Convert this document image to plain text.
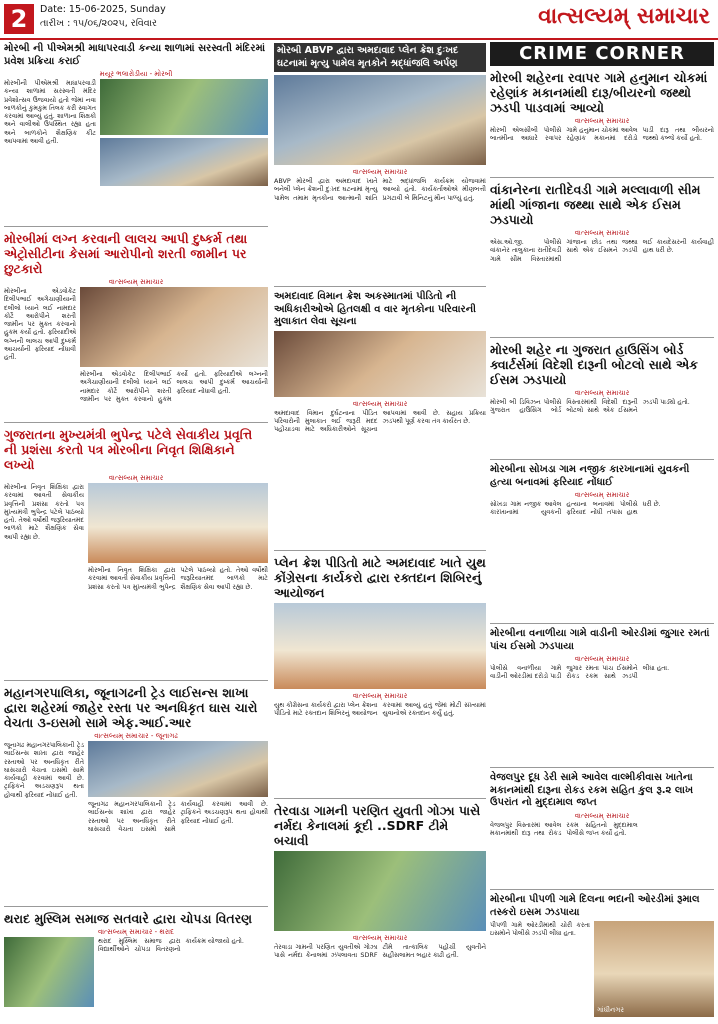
2	Date: 15-06-2025, Sunday
તારીખ : ૧૫/૦૬/૨૦૨૫, રવિવાર	વાત્સલ્યમ્ સમાચાર
મોરબી ની પીએમશ્રી માધાપરવાડી કન્યા શાળામાં સરસ્વતી મંદિરમાં પ્રવેશ પ્રક્રિયા કરાઈ
મયૂર ભલારોડીયા - મોરબી
મોરબીની પીએમશ્રી માધાપરવાડી કન્યા શાળામાં સરસ્વતી મંદિર પ્રવેશોત્સવ ઉજવાયો હતો જેમાં નવા બાળકોનું કુમકુમ તિલક કરી સ્વાગત કરવામાં આવ્યું હતું. શાળાના શિક્ષકો અને વાલીઓ ઉપસ્થિત રહ્યા હતા અને બાળકોને શૈક્ષણિક કીટ આપવામાં આવી હતી.
મોરબીમાં લગ્ન કરવાની લાલચ આપી દુષ્કર્મ તથા એટ્રોસીટીના કેસમાં આરોપીનો શરતી જામીન પર છુટકારો
વાત્સલ્યમ્ સમાચાર
મોરબીના એડવોકેટ દિલીપભાઈ અગેચાણીયાની દલીલો ધ્યાને લઈ નામદાર કોર્ટે આરોપીને શરતી જામીન પર મુક્ત કરવાનો હુકમ કર્યો હતો. ફરિયાદીએ લગ્નની લાલચ આપી દુષ્કર્મ આચર્યાની ફરિયાદ નોંધાવી હતી.
મોરબીના એડવોકેટ દિલીપભાઈ અગેચાણીયાની દલીલો ધ્યાને લઈ નામદાર કોર્ટે આરોપીને શરતી જામીન પર મુક્ત કરવાનો હુકમ કર્યો હતો. ફરિયાદીએ લગ્નની લાલચ આપી દુષ્કર્મ આચર્યાની ફરિયાદ નોંધાવી હતી.
ગુજરાતના મુખ્યમંત્રી ભુપેન્દ્ર પટેલે સેવાકીય પ્રવૃત્તિ ની પ્રશંસા કરતો પત્ર મોરબીના નિવૃત શિક્ષિકાને લખ્યો
વાત્સલ્યમ્ સમાચાર
મોરબીના નિવૃત શિક્ષિકા દ્વારા કરવામાં આવતી સેવાકીય પ્રવૃત્તિની પ્રશંસા કરતો પત્ર મુખ્યમંત્રી ભુપેન્દ્ર પટેલે પાઠવ્યો હતો. તેઓ વર્ષોથી જરૂરિયાતમંદ બાળકો માટે શૈક્ષણિક સેવા આપી રહ્યા છે.
મોરબીના નિવૃત શિક્ષિકા દ્વારા કરવામાં આવતી સેવાકીય પ્રવૃત્તિની પ્રશંસા કરતો પત્ર મુખ્યમંત્રી ભુપેન્દ્ર પટેલે પાઠવ્યો હતો. તેઓ વર્ષોથી જરૂરિયાતમંદ બાળકો માટે શૈક્ષણિક સેવા આપી રહ્યા છે.
મહાનગરપાલિકા, જૂનાગઢની ટ્રેડ લાઈસન્સ શાખા દ્વારા શહેરમાં જાહેર રસ્તા પર અનધિકૃત ઘાસ ચારો વેચતા ૩-ઇસમો સામે એફ.આઈ.આર
વાત્સલ્યમ્ સમાચાર - જૂનાગઢ
જૂનાગઢ મહાનગરપાલિકાની ટ્રેડ લાઈસન્સ શાખા દ્વારા જાહેર રસ્તાઓ પર અનધિકૃત રીતે ઘાસચારો વેચતા ઇસમો સામે કાર્યવાહી કરવામાં આવી છે. ટ્રાફિકને અડચણરૂપ થતા હોવાથી ફરિયાદ નોંધાઈ હતી.
જૂનાગઢ મહાનગરપાલિકાની ટ્રેડ લાઈસન્સ શાખા દ્વારા જાહેર રસ્તાઓ પર અનધિકૃત રીતે ઘાસચારો વેચતા ઇસમો સામે કાર્યવાહી કરવામાં આવી છે. ટ્રાફિકને અડચણરૂપ થતા હોવાથી ફરિયાદ નોંધાઈ હતી.
થરાદ મુસ્લિમ સમાજ સતવારે દ્વારા ચોપડા વિતરણ
વાત્સલ્યમ્ સમાચાર - થરાદ
થરાદ મુસ્લિમ સમાજ દ્વારા વિદ્યાર્થીઓને ચોપડા વિતરણનો કાર્યક્રમ યોજાયો હતો.
મોરબી ABVP દ્વારા અમદાવાદ પ્લેન ક્રેશ દુઃખદ ઘટનામાં મૃત્યુ પામેલ મૃતકોને શ્રદ્ધાંજલિ અર્પણ
વાત્સલ્યમ્ સમાચાર
ABVP મોરબી દ્વારા અમદાવાદ ખાતે બનેલી પ્લેન ક્રેશની દુઃખદ ઘટનામાં મૃત્યુ પામેલ તમામ મૃતકોના આત્માની શાંતિ માટે શ્રદ્ધાંજલિ કાર્યક્રમ યોજવામાં આવ્યો હતો. કાર્યકર્તાઓએ મીણબત્તી પ્રગટાવી બે મિનિટનું મૌન પાળ્યું હતું.
અમદાવાદ વિમાન ક્રેશ અકસ્માતમાં પીડિતો ની અધિકારીઓએ હિતલક્ષી વ વાર મૃતકોના પરિવારની મુલાકાત લેવા સૂચના
વાત્સલ્યમ્ સમાચાર
અમદાવાદ વિમાન દુર્ઘટનાના પીડિત પરિવારોની મુલાકાત લઈ જરૂરી મદદ પહોંચાડવા માટે અધિકારીઓને સૂચના આપવામાં આવી છે. સહાય પ્રક્રિયા ઝડપથી પૂર્ણ કરવા તંત્ર કાર્યરત છે.
પ્લેન ક્રેશ પીડિતો માટે અમદાવાદ ખાતે યુથ કોંગ્રેસના કાર્યકરો દ્વારા રક્તદાન શિબિરનું આયોજન
વાત્સલ્યમ્ સમાચાર
યુથ કોંગ્રેસના કાર્યકરો દ્વારા પ્લેન ક્રેશના પીડિતો માટે રક્તદાન શિબિરનું આયોજન કરવામાં આવ્યું હતું જેમાં મોટી સંખ્યામાં યુવાનોએ રક્તદાન કર્યું હતું.
તેરવાડા ગામની પરણિત યુવતી ગોઝા પાસે નર્મદા કેનાલમાં કૂદી ..SDRF ટીમે બચાવી
વાત્સલ્યમ્ સમાચાર
તેરવાડા ગામની પરણિત યુવતીએ ગોઝા પાસે નર્મદા કેનાલમાં ઝંપલાવતા SDRF ટીમે તાત્કાલિક પહોંચી યુવતીને સહીસલામત બહાર કાઢી હતી.
CRIME CORNER
મોરબી શહેરના રવાપર ગામે હનુમાન ચોકમાં રહેણાંક મકાનમાંથી દારૂ/બીયરનો જથ્થો ઝડપી પાડવામાં આવ્યો
વાત્સલ્યમ્ સમાચાર
મોરબી એલસીબી પોલીસે બાતમીના આધારે રવાપર ગામે હનુમાન ચોકમાં આવેલ રહેણાંક મકાનમાં દરોડો પાડી દારૂ તથા બીયરનો જથ્થો કબ્જે કર્યો હતો.
વાંકાનેરના રાતીદેવડી ગામે મલ્લાવાળી સીમ માંથી ગાંજાના જથ્થા સાથે એક ઈસમ ઝડપાયો
વાત્સલ્યમ્ સમાચાર
એસ.ઓ.જી. પોલીસે વાંકાનેર તાલુકાના રાતીદેવડી ગામે સીમ વિસ્તારમાંથી ગાંજાના છોડ તથા જથ્થા સાથે એક ઈસમને ઝડપી લઈ કાયદેસરની કાર્યવાહી હાથ ધરી છે.
મોરબી શહેર ના ગુજરાત હાઉસિંગ બોર્ડ ક્વાર્ટર્સમાં વિદેશી દારૂની બોટલો સાથે એક ઈસમ ઝડપાયો
વાત્સલ્યમ્ સમાચાર
મોરબી બી ડિવિઝન પોલીસે ગુજરાત હાઉસિંગ બોર્ડ વિસ્તારમાંથી વિદેશી દારૂની બોટલો સાથે એક ઈસમને ઝડપી પાડ્યો હતો.
મોરબીના સોખડા ગામ નજીક કારખાનામાં યુવકની હત્યા બનાવમાં ફરિયાદ નોંધાઈ
વાત્સલ્યમ્ સમાચાર
સોખડા ગામ નજીક આવેલ કારખાનામાં યુવકની હત્યાના બનાવમાં પોલીસે ફરિયાદ નોંધી તપાસ હાથ ધરી છે.
મોરબીના વનાળીયા ગામે વાડીની ઓરડીમાં જુગાર રમતાં પાંચ ઈસમો ઝડપાયા
વાત્સલ્યમ્ સમાચાર
પોલીસે વનાળીયા ગામે વાડીની ઓરડીમાં દરોડો પાડી જુગાર રમતા પાંચ ઈસમોને રોકડ રકમ સાથે ઝડપી લીધા હતા.
વેજલપુર દૂધ ડેરી સામે આવેલ વાલ્મીકીવાસ ખાતેના મકાનમાંથી દારૂના રોકડ રકમ સહિત કુલ રૂ.૨ લાખ ઉપરાંત નો મુદ્દામાલ જપ્ત
વાત્સલ્યમ્ સમાચાર
વેજલપુર વિસ્તારમાં આવેલ મકાનમાંથી દારૂ તથા રોકડ રકમ સહિતનો મુદ્દામાલ પોલીસે જપ્ત કર્યો હતો.
મોરબીના પીપળી ગામે દિલના ભદાની ઓરડીમાં રૂમાલ તસ્કરો ઇસમ ઝડપાયા
પીપળી ગામે ઓરડીમાંથી ચોરી કરતા ઇસમોને પોલીસે ઝડપી લીધા હતા.
ગાંધીનગર
